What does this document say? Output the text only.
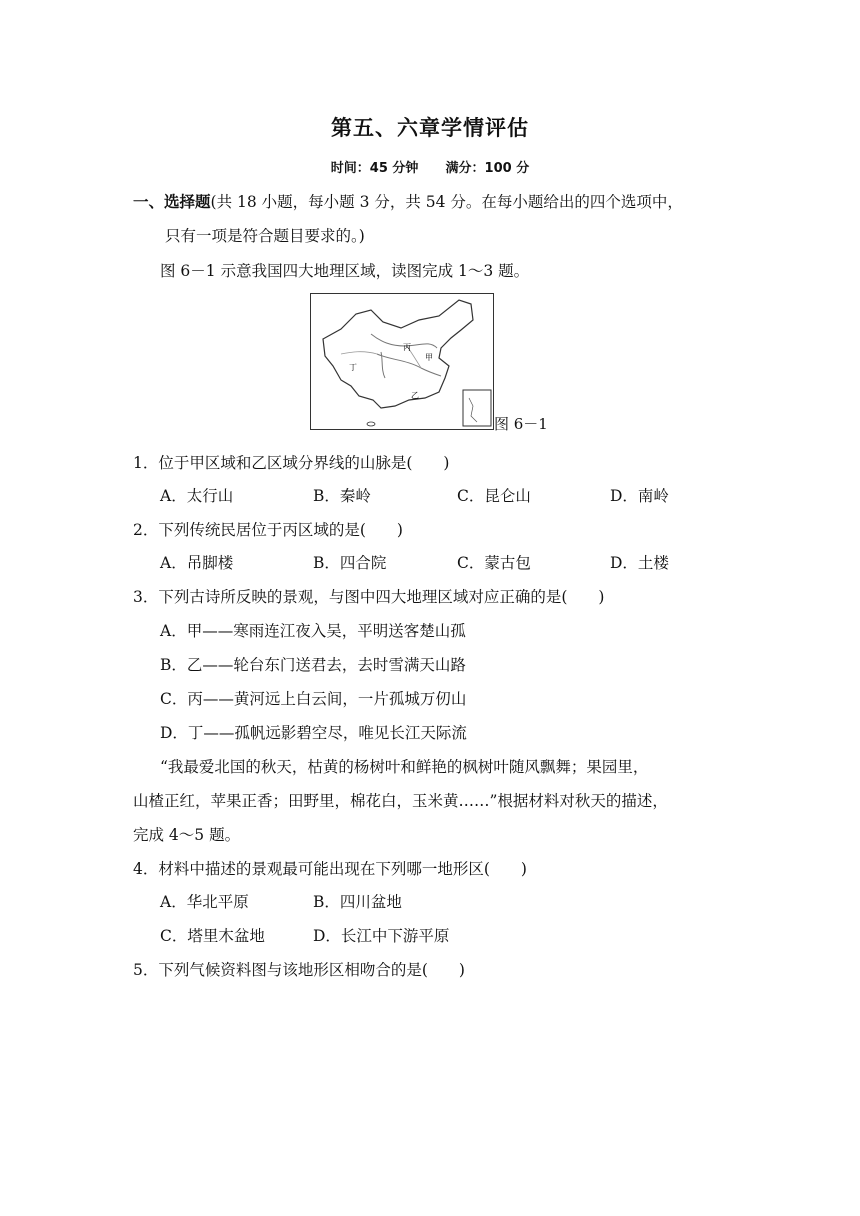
第五、六章学情评估
时间：45 分钟      满分：100 分
一、选择题(共 18 小题，每小题 3 分，共 54 分。在每小题给出的四个选项中，
只有一项是符合题目要求的。)
图 6－1 示意我国四大地理区域，读图完成 1～3 题。
丙
甲
丁
乙
图 6－1
1．位于甲区域和乙区域分界线的山脉是(　　)
A．太行山	B．秦岭	C．昆仑山	D．南岭
2．下列传统民居位于丙区域的是(　　)
A．吊脚楼	B．四合院	C．蒙古包	D．土楼
3．下列古诗所反映的景观，与图中四大地理区域对应正确的是(　　)
A．甲——寒雨连江夜入吴，平明送客楚山孤
B．乙——轮台东门送君去，去时雪满天山路
C．丙——黄河远上白云间，一片孤城万仞山
D．丁——孤帆远影碧空尽，唯见长江天际流
“我最爱北国的秋天，枯黄的杨树叶和鲜艳的枫树叶随风飘舞；果园里，
山楂正红，苹果正香；田野里，棉花白，玉米黄……”根据材料对秋天的描述，
完成 4～5 题。
4．材料中描述的景观最可能出现在下列哪一地形区(　　)
A．华北平原	B．四川盆地
C．塔里木盆地	D．长江中下游平原
5．下列气候资料图与该地形区相吻合的是(　　)
